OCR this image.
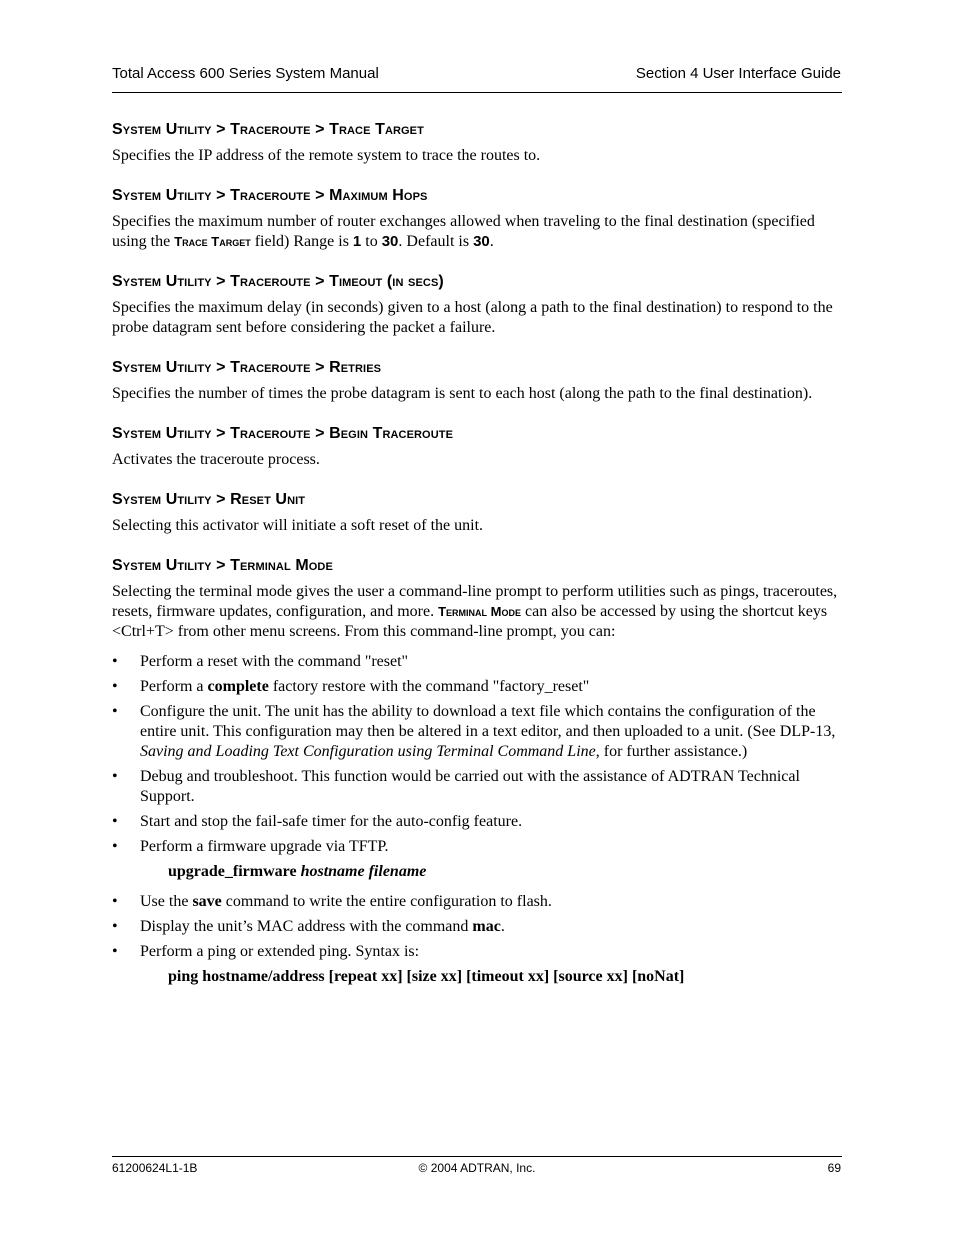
Total Access 600 Series System Manual	Section 4 User Interface Guide
System Utility > Traceroute > Trace Target

Specifies the IP address of the remote system to trace the routes to.

System Utility > Traceroute > Maximum Hops

Specifies the maximum number of router exchanges allowed when traveling to the final destination (specified using the Trace Target field) Range is 1 to 30. Default is 30.

System Utility > Traceroute > Timeout (in secs)

Specifies the maximum delay (in seconds) given to a host (along a path to the final destination) to respond to the probe datagram sent before considering the packet a failure.

System Utility > Traceroute > Retries

Specifies the number of times the probe datagram is sent to each host (along the path to the final destination).

System Utility > Traceroute > Begin Traceroute

Activates the traceroute process.

System Utility > Reset Unit

Selecting this activator will initiate a soft reset of the unit.

System Utility > Terminal Mode

Selecting the terminal mode gives the user a command-line prompt to perform utilities such as pings, traceroutes, resets, firmware updates, configuration, and more. Terminal Mode can also be accessed by using the shortcut keys <Ctrl+T> from other menu screens. From this command-line prompt, you can:

• Perform a reset with the command "reset"
• Perform a complete factory restore with the command "factory_reset"
• Configure the unit. The unit has the ability to download a text file which contains the configuration of the entire unit. This configuration may then be altered in a text editor, and then uploaded to a unit. (See DLP-13, Saving and Loading Text Configuration using Terminal Command Line, for further assistance.)
• Debug and troubleshoot. This function would be carried out with the assistance of ADTRAN Technical Support.
• Start and stop the fail-safe timer for the auto-config feature.
• Perform a firmware upgrade via TFTP.
upgrade_firmware hostname filename
• Use the save command to write the entire configuration to flash.
• Display the unit’s MAC address with the command mac.
• Perform a ping or extended ping. Syntax is:
ping hostname/address [repeat xx] [size xx] [timeout xx] [source xx] [noNat]
61200624L1-1B	© 2004 ADTRAN, Inc.	69
